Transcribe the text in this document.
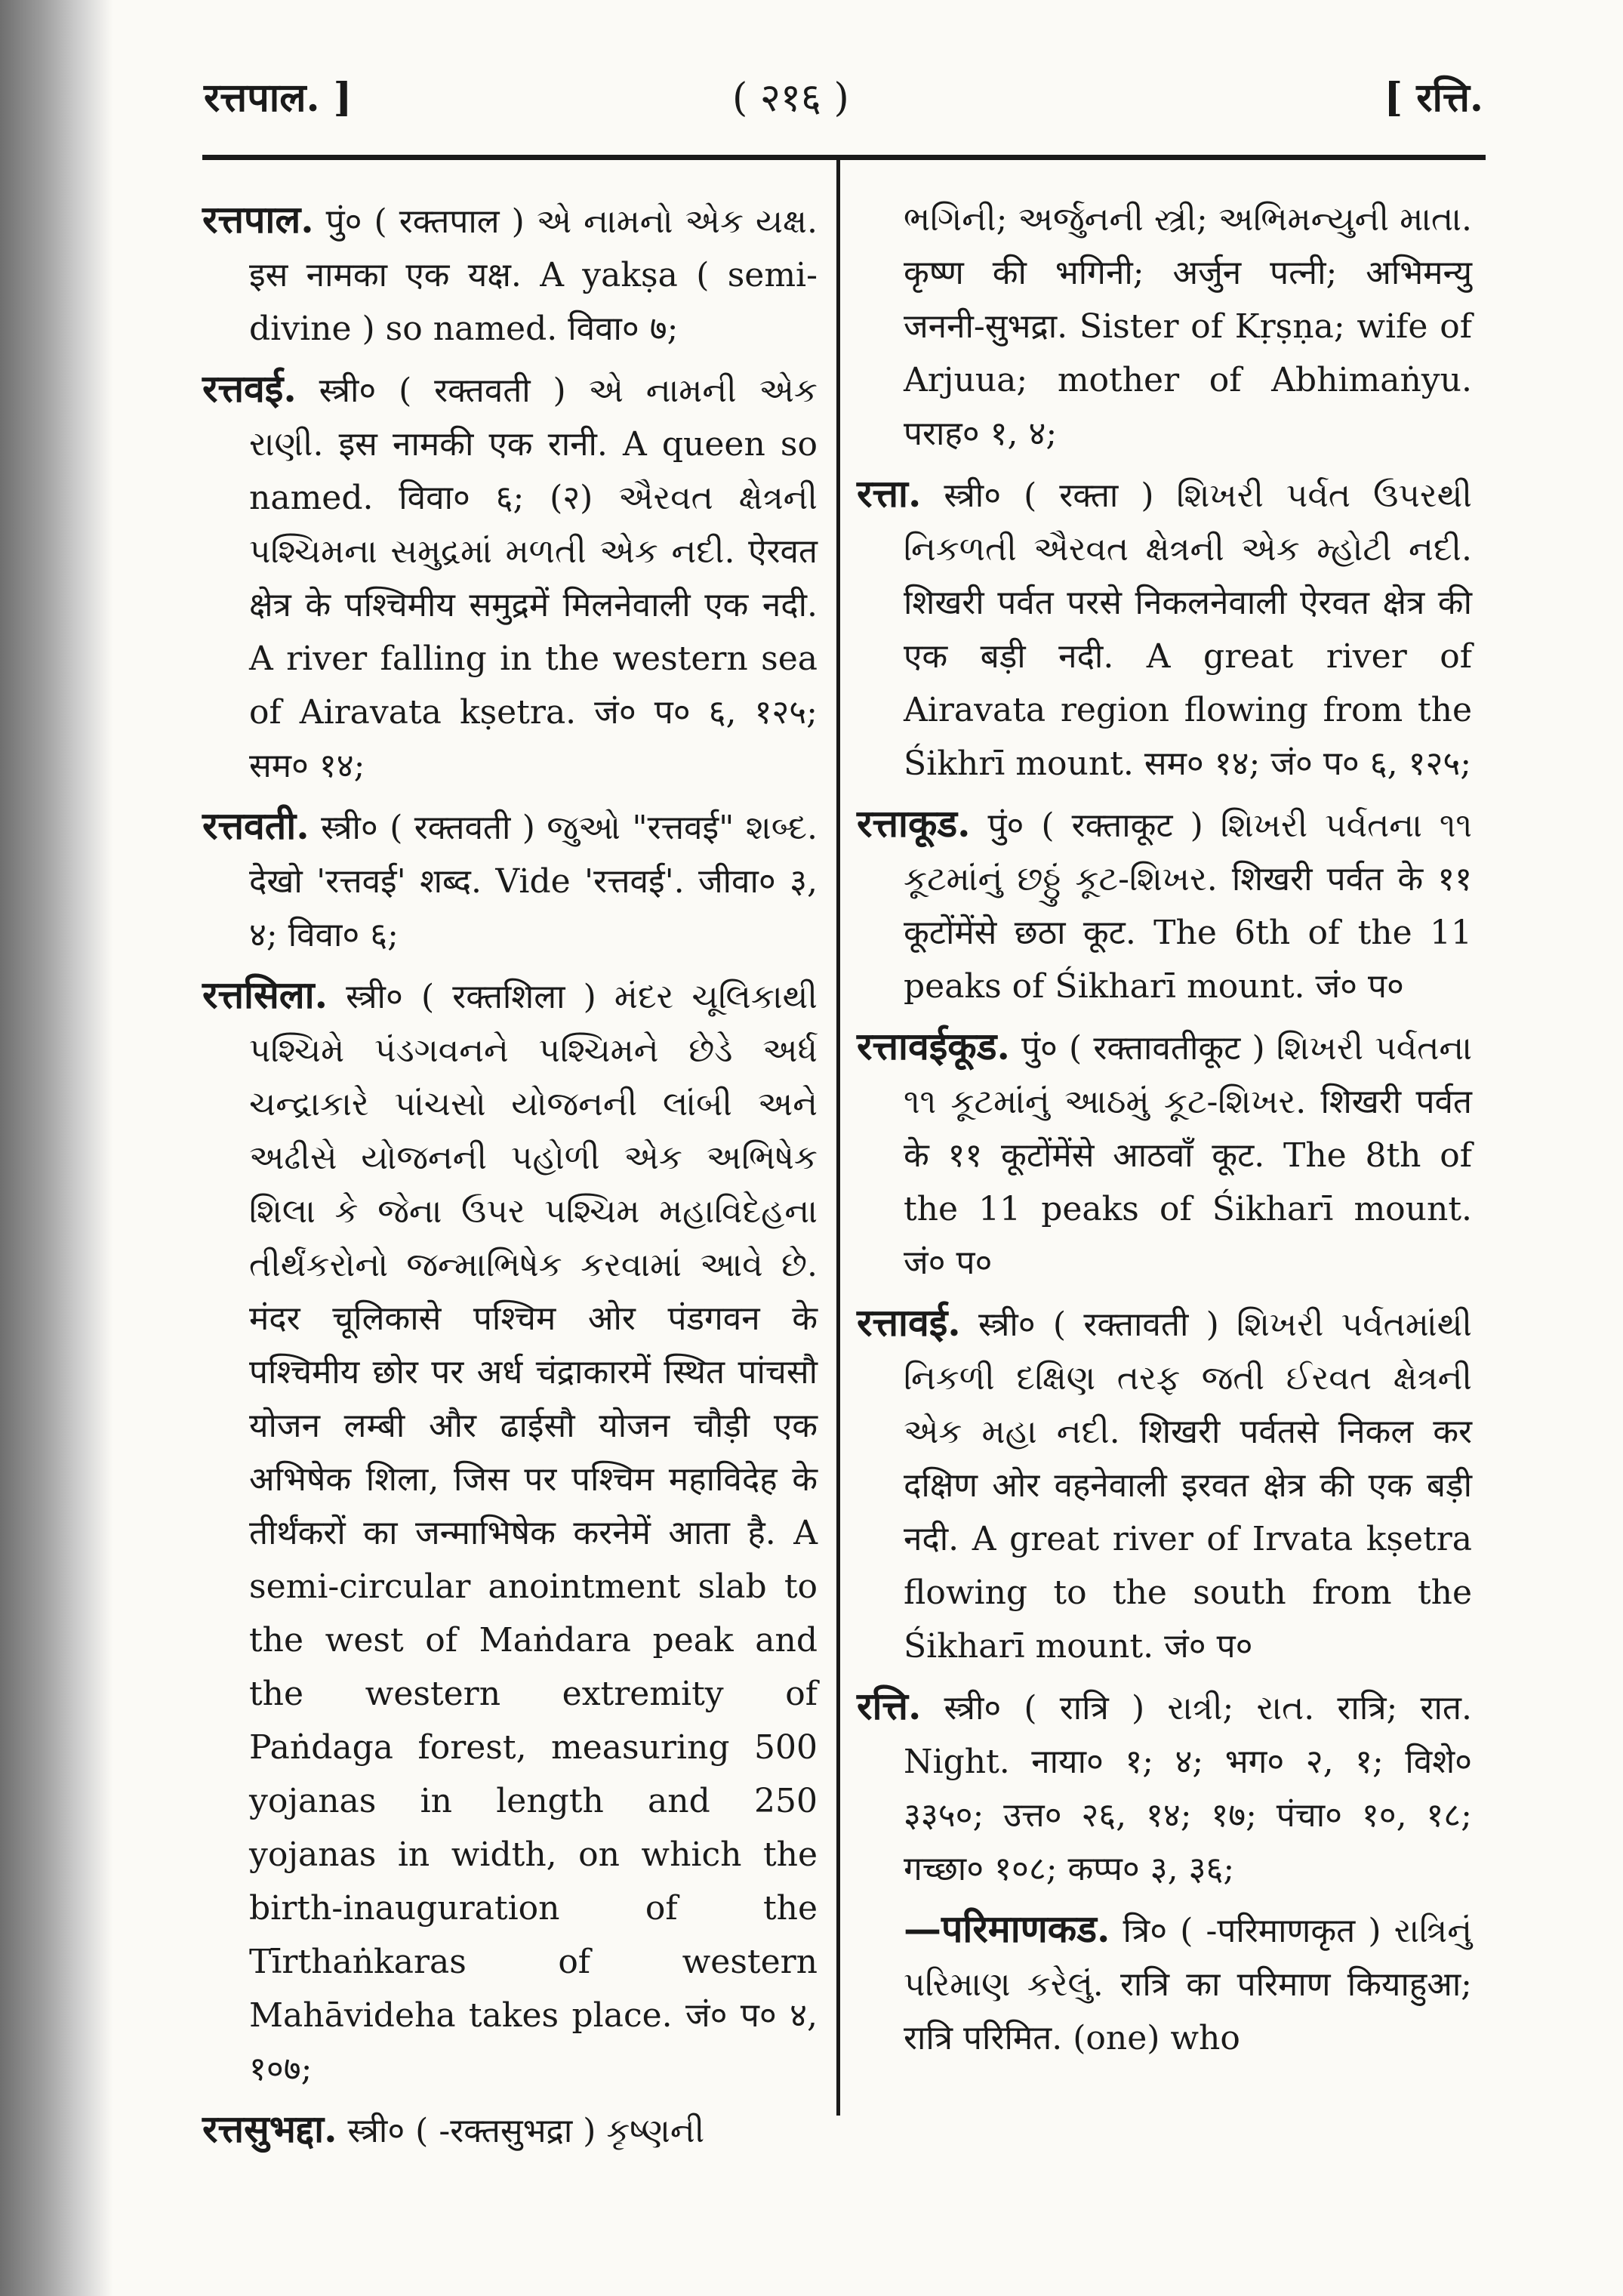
रत्तपाल. ]	( २१६ )	[ रत्ति.

रत्तपाल. पुं० ( रक्तपाल ) એ નામનો એક યક્ષ. इस नामका एक यक्ष. A yakṣa ( semi-divine ) so named. विवा० ७;

रत्तवई. स्त्री० ( रक्तवती ) એ નામની એક રાણી. इस नामकी एक रानी. A queen so named. विवा० ६; (२) ઐરવત ક્ષેત્રની પશ્ચિમના સમુદ્રમાં મળતી એક નદી. ऐरवत क्षेत्र के पश्चिमीय समुद्रमें मिलनेवाली एक नदी. A river falling in the western sea of Airavata kṣetra. जं० प० ६, १२५; सम० १४;

रत्तवती. स्त्री० ( रक्तवती ) જુઓ "रत्तवई" શબ્દ. देखो 'रत्तवई' शब्द. Vide 'रत्तवई'. जीवा० ३, ४; विवा० ६;

रत्तसिला. स्त्री० ( रक्तशिला ) મંદર ચૂલિકાથી પશ્ચિમે પંડગવનને પશ્ચિમને છેડે અર્ધ ચન્દ્રાકારે પાંચસો યોજનની લાંબી અને અઢીસે યોજનની પહોળી એક અભિષેક શિલા કે જેના ઉપર પશ્ચિમ મહાવિદેહના તીર્થંકરોનો જન્માભિષેક કરવામાં આવે છે. मंदर चूलिकासे पश्चिम ओर पंडगवन के पश्चिमीय छोर पर अर्ध चंद्राकारमें स्थित पांचसौ योजन लम्बी और ढाईसौ योजन चौड़ी एक अभिषेक शिला, जिस पर पश्चिम महाविदेह के तीर्थंकरों का जन्माभिषेक करनेमें आता है. A semi-circular anointment slab to the west of Maṅdara peak and the western extremity of Paṅdaga forest, measuring 500 yojanas in length and 250 yojanas in width, on which the birth-inauguration of the Tīrthaṅkaras of western Mahāvideha takes place. जं० प० ४, १०७;

रत्तसुभद्दा. स्त्री० ( -रक्तसुभद्रा ) કૃષ્ણની

ભગિની; અર્જુનની સ્ત્રી; અભિમન્યુની માતા. कृष्ण की भगिनी; अर्जुन पत्नी; अभिमन्यु जननी-सुभद्रा. Sister of Kṛṣṇa; wife of Arjuua; mother of Abhimaṅyu. पराह० १, ४;

रत्ता. स्त्री० ( रक्ता ) શિખરી પર્વત ઉપરથી નિકળતી ઐરવત ક્ષેત્રની એક મ્હોટી નદી. शिखरी पर्वत परसे निकलनेवाली ऐरवत क्षेत्र की एक बड़ी नदी. A great river of Airavata region flowing from the Śikhrī mount. सम० १४; जं० प० ६, १२५;

रत्ताकूड. पुं० ( रक्ताकूट ) શિખરી પર્વતના ૧૧ કૂટમાંનું છઠ્ઠું કૂટ-શિખર. शिखरी पर्वत के ११ कूटोंमेंसे छठा कूट. The 6th of the 11 peaks of Śikharī mount. जं० प०

रत्तावईकूड. पुं० ( रक्तावतीकूट ) શિખરી પર્વતના ૧૧ કૂટમાંનું આઠમું કૂટ-શિખર. शिखरी पर्वत के ११ कूटोंमेंसे आठवाँ कूट. The 8th of the 11 peaks of Śikharī mount. जं० प०

रत्तावई. स्त्री० ( रक्तावती ) શિખરી પર્વતમાંથી નિકળી દક્ષિણ તરફ જતી ઈરવત ક્ષેત્રની એક મહા નદી. शिखरी पर्वतसे निकल कर दक्षिण ओर वहनेवाली इरवत क्षेत्र की एक बड़ी नदी. A great river of Irvata kṣetra flowing to the south from the Śikharī mount. जं० प०

रत्ति. स्त्री० ( रात्रि ) રાત્રી; રાત. रात्रि; रात. Night. नाया० १; ४; भग० २, १; विशे० ३३५०; उत्त० २६, १४; १७; पंचा० १०, १८; गच्छा० १०८; कप्प० ३, ३६;

—परिमाणकड. त्रि० ( -परिमाणकृत ) રાત્રિનું પરિમાણ કરેલું. रात्रि का परिमाण कियाहुआ; रात्रि परिमित. (one) who
